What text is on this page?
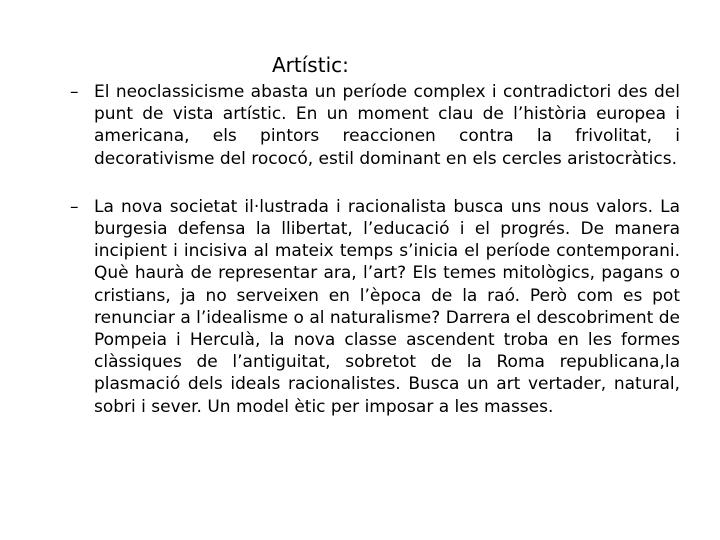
Artístic:
– El neoclassicisme abasta un període complex i contradictori des del punt de vista artístic. En un moment clau de l’història europea i americana, els pintors reaccionen contra la frivolitat, i decorativisme del rococó, estil dominant en els cercles aristocràtics.
– La nova societat il·lustrada i racionalista busca uns nous valors. La burgesia defensa la llibertat, l’educació i el progrés. De manera incipient i incisiva al mateix temps s’inicia el període contemporani. Què haurà de representar ara, l’art? Els temes mitològics, pagans o cristians, ja no serveixen en l’època de la raó. Però com es pot renunciar a l’idealisme o al naturalisme? Darrera el descobriment de Pompeia i Herculà, la nova classe ascendent troba en les formes clàssiques de l’antiguitat, sobretot de la Roma republicana,la plasmació dels ideals racionalistes. Busca un art vertader, natural, sobri i sever. Un model ètic per imposar a les masses.
